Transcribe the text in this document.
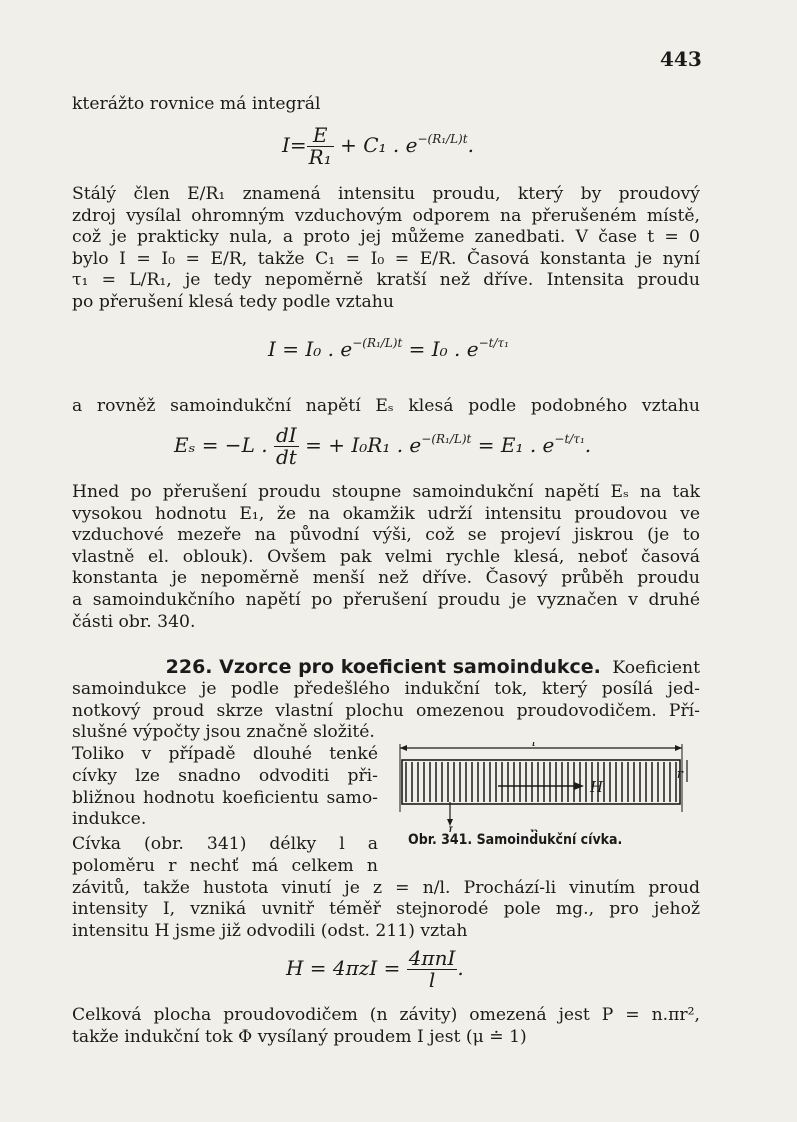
443

kterážto rovnice má integrál

$I= \frac{E}{\text{R₁}} + C_1$ . $e^{-(R_1/L)t}$.

Stálý člen E/R₁ znamená intensitu proudu, který by proudový
zdroj vysílal ohromným vzduchovým odporem na přerušeném místě,
což je prakticky nula, a proto jej můžeme zanedbati. V čase t = 0
bylo I = I₀ = E/R, takže C₁ = I₀ = E/R. Časová konstanta je nyní
τ₁ = L/R₁, je tedy nepoměrně kratší než dříve. Intensita proudu
po přerušení klesá tedy podle vztahu

I = I₀ . $e^{-(R_1/L)t} = I_0$ . $e^{-t/\tau_1}$

a rovněž samoindukční napětí Eₛ klesá podle podobného vztahu

Eₛ = −L . $\frac{dI}{dt}$ = + I₀R₁ . $e^{-(R_1/L)t} = E_1$ . $e^{-t/\tau_1}$.

Hned po přerušení proudu stoupne samoindukční napětí Eₛ na tak
vysokou hodnotu E₁, že na okamžik udrží intensitu proudovou ve
vzduchové mezeře na původní výši, což se projeví jiskrou (je to
vlastně el. oblouk). Ovšem pak velmi rychle klesá, neboť časová
konstanta je nepoměrně menší než dříve. Časový průběh proudu
a samoindukčního napětí po přerušení proudu je vyznačen v druhé
části obr. 340.

226. Vzorce pro koeficient samoindukce. Koeficient
samoindukce je podle předešlého indukční tok, který posílá jed-
notkový proud skrze vlastní plochu omezenou proudovodičem. Pří-
slušné výpočty jsou značně složité.
Toliko v případě dlouhé tenké
cívky lze snadno odvoditi při-
bližnou hodnotu koeficientu samo-
indukce.
l
H
r
Obr. 341. Samoindukční cívka.
Cívka (obr. 341) délky l a
poloměru r nechť má celkem n
závitů, takže hustota vinutí je z = n/l. Prochází-li vinutím proud
intensity I, vzniká uvnitř téměř stejnorodé pole mg., pro jehož
intensitu H jsme již odvodili (odst. 211) vztah
$H = 4\pi zI = \frac{\text{4πnI}}{l}$ .
Celková plocha proudovodičem (n závity) omezená jest P = n.πr²,
takže indukční tok Φ vysílaný proudem I jest (μ ≐ 1)
